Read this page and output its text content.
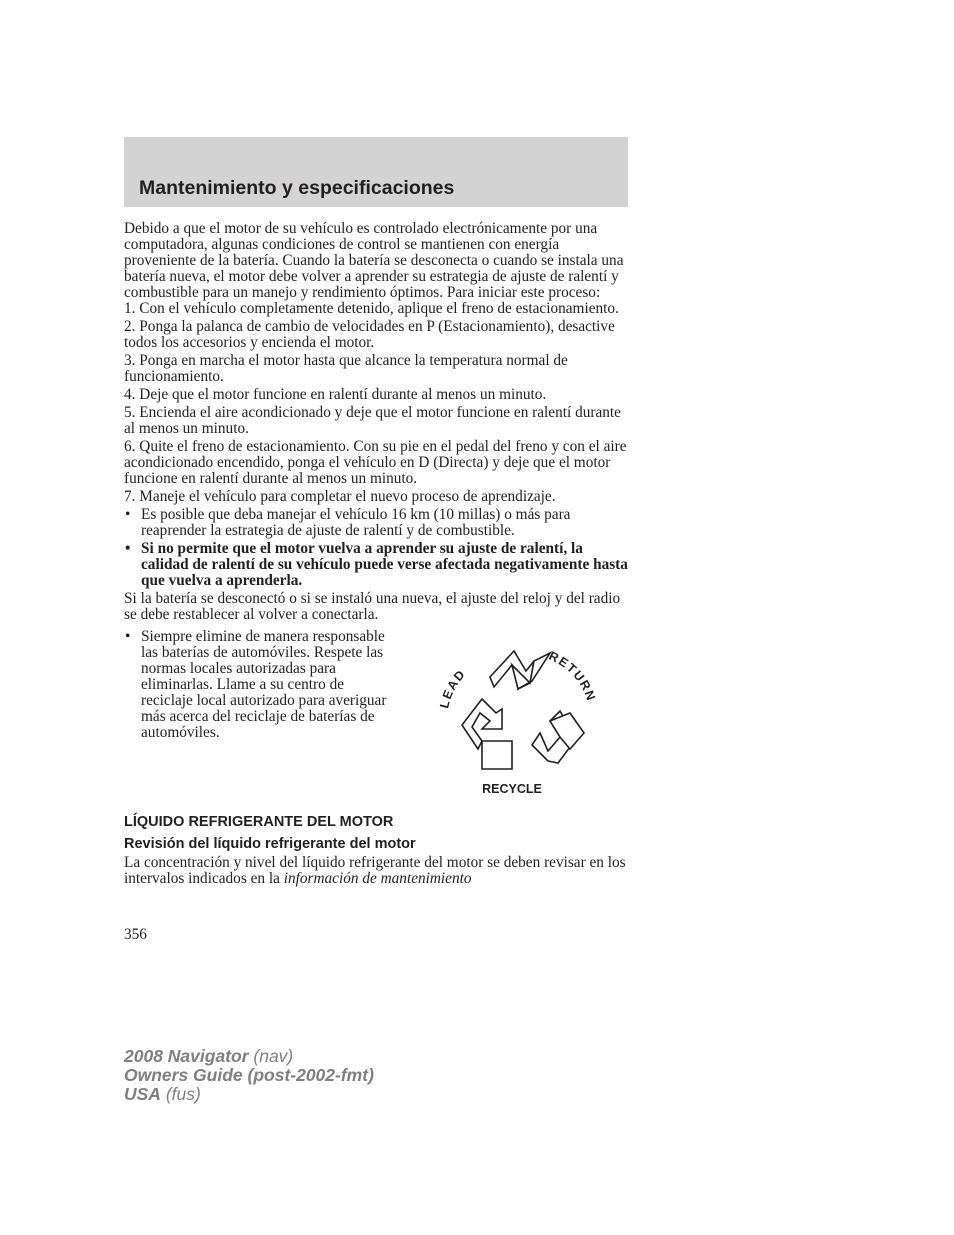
Mantenimiento y especificaciones

Debido a que el motor de su vehículo es controlado electrónicamente por una computadora, algunas condiciones de control se mantienen con energía proveniente de la batería. Cuando la batería se desconecta o cuando se instala una batería nueva, el motor debe volver a aprender su estrategia de ajuste de ralentí y combustible para un manejo y rendimiento óptimos. Para iniciar este proceso:

1. Con el vehículo completamente detenido, aplique el freno de estacionamiento.

2. Ponga la palanca de cambio de velocidades en P (Estacionamiento), desactive todos los accesorios y encienda el motor.

3. Ponga en marcha el motor hasta que alcance la temperatura normal de funcionamiento.

4. Deje que el motor funcione en ralentí durante al menos un minuto.

5. Encienda el aire acondicionado y deje que el motor funcione en ralentí durante al menos un minuto.

6. Quite el freno de estacionamiento. Con su pie en el pedal del freno y con el aire acondicionado encendido, ponga el vehículo en D (Directa) y deje que el motor funcione en ralentí durante al menos un minuto.

7. Maneje el vehículo para completar el nuevo proceso de aprendizaje.

• Es posible que deba manejar el vehículo 16 km (10 millas) o más para reaprender la estrategia de ajuste de ralentí y de combustible.
• Si no permite que el motor vuelva a aprender su ajuste de ralentí, la calidad de ralentí de su vehículo puede verse afectada negativamente hasta que vuelva a aprenderla.

Si la batería se desconectó o si se instaló una nueva, el ajuste del reloj y del radio se debe restablecer al volver a conectarla.

• Siempre elimine de manera responsable las baterías de automóviles. Respete las normas locales autorizadas para eliminarlas. Llame a su centro de reciclaje local autorizado para averiguar más acerca del reciclaje de baterías de automóviles.
LEAD
RETURN
RECYCLE
LÍQUIDO REFRIGERANTE DEL MOTOR
Revisión del líquido refrigerante del motor

La concentración y nivel del líquido refrigerante del motor se deben revisar en los intervalos indicados en la información de mantenimiento

356
2008 Navigator (nav)
Owners Guide (post-2002-fmt)
USA (fus)
